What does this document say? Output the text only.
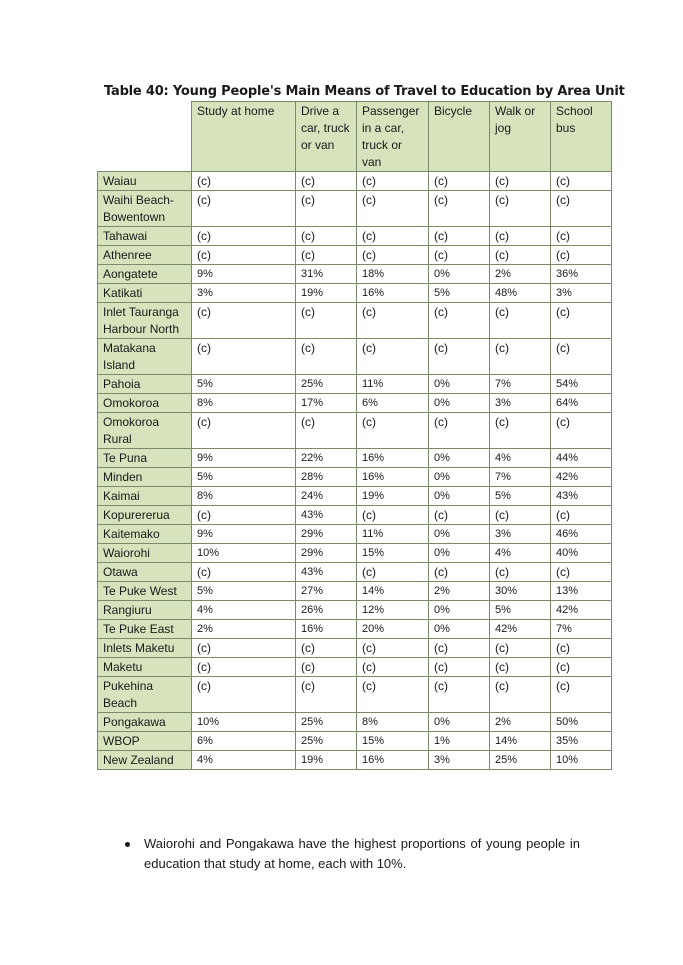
Table 40: Young People's Main Means of Travel to Education by Area Unit
	Study at home	Drive a car, truck or van	Passenger in a car, truck or van	Bicycle	Walk or jog	School bus
Waiau	(c)	(c)	(c)	(c)	(c)	(c)
Waihi Beach-Bowentown	(c)	(c)	(c)	(c)	(c)	(c)
Tahawai	(c)	(c)	(c)	(c)	(c)	(c)
Athenree	(c)	(c)	(c)	(c)	(c)	(c)
Aongatete	9%	31%	18%	0%	2%	36%
Katikati	3%	19%	16%	5%	48%	3%
Inlet Tauranga Harbour North	(c)	(c)	(c)	(c)	(c)	(c)
Matakana Island	(c)	(c)	(c)	(c)	(c)	(c)
Pahoia	5%	25%	11%	0%	7%	54%
Omokoroa	8%	17%	6%	0%	3%	64%
Omokoroa Rural	(c)	(c)	(c)	(c)	(c)	(c)
Te Puna	9%	22%	16%	0%	4%	44%
Minden	5%	28%	16%	0%	7%	42%
Kaimai	8%	24%	19%	0%	5%	43%
Kopurererua	(c)	43%	(c)	(c)	(c)	(c)
Kaitemako	9%	29%	11%	0%	3%	46%
Waiorohi	10%	29%	15%	0%	4%	40%
Otawa	(c)	43%	(c)	(c)	(c)	(c)
Te Puke West	5%	27%	14%	2%	30%	13%
Rangiuru	4%	26%	12%	0%	5%	42%
Te Puke East	2%	16%	20%	0%	42%	7%
Inlets Maketu	(c)	(c)	(c)	(c)	(c)	(c)
Maketu	(c)	(c)	(c)	(c)	(c)	(c)
Pukehina Beach	(c)	(c)	(c)	(c)	(c)	(c)
Pongakawa	10%	25%	8%	0%	2%	50%
WBOP	6%	25%	15%	1%	14%	35%
New Zealand	4%	19%	16%	3%	25%	10%

Waiorohi and Pongakawa have the highest proportions of young people in education that study at home, each with 10%.
